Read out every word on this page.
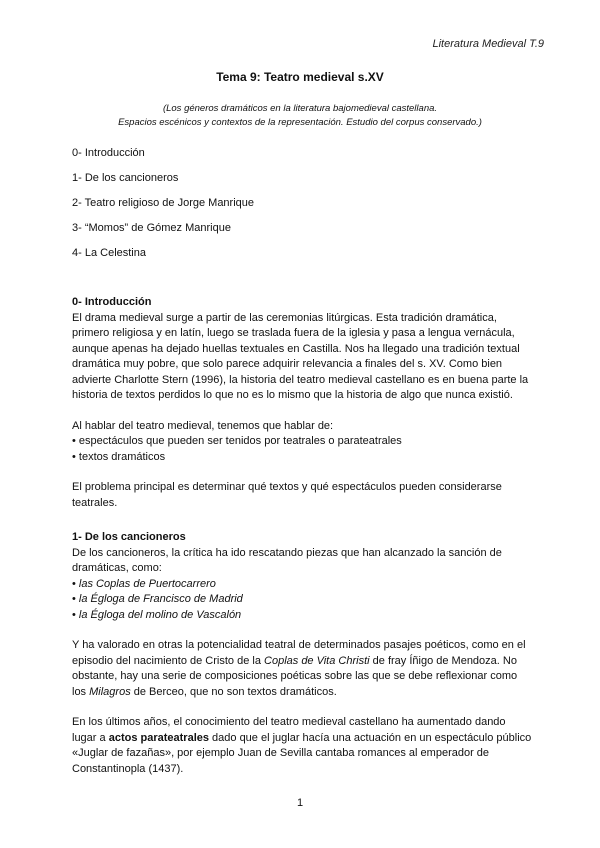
Literatura Medieval T.9
Tema 9: Teatro medieval s.XV
(Los géneros dramáticos en la literatura bajomedieval castellana.
Espacios escénicos y contextos de la representación. Estudio del corpus conservado.)
0- Introducción
1- De los cancioneros
2- Teatro religioso de Jorge Manrique
3- “Momos” de Gómez Manrique
4- La Celestina
0- Introducción

El drama medieval surge a partir de las ceremonias litúrgicas. Esta tradición dramática, primero religiosa y en latín, luego se traslada fuera de la iglesia y pasa a lengua vernácula, aunque apenas ha dejado huellas textuales en Castilla. Nos ha llegado una tradición textual dramática muy pobre, que solo parece adquirir relevancia a finales del s. XV. Como bien advierte Charlotte Stern (1996), la historia del teatro medieval castellano es en buena parte la historia de textos perdidos lo que no es lo mismo que la historia de algo que nunca existió.

Al hablar del teatro medieval, tenemos que hablar de:

• espectáculos que pueden ser tenidos por teatrales o parateatrales
• textos dramáticos

El problema principal es determinar qué textos y qué espectáculos pueden considerarse teatrales.

1- De los cancioneros

De los cancioneros, la crítica ha ido rescatando piezas que han alcanzado la sanción de dramáticas, como:

• las Coplas de Puertocarrero
• la Égloga de Francisco de Madrid
• la Égloga del molino de Vascalón

Y ha valorado en otras la potencialidad teatral de determinados pasajes poéticos, como en el episodio del nacimiento de Cristo de la Coplas de Vita Christi de fray Íñigo de Mendoza. No obstante, hay una serie de composiciones poéticas sobre las que se debe reflexionar como los Milagros de Berceo, que no son textos dramáticos.

En los últimos años, el conocimiento del teatro medieval castellano ha aumentado dando lugar a actos parateatrales dado que el juglar hacía una actuación en un espectáculo público «Juglar de fazañas», por ejemplo Juan de Sevilla cantaba romances al emperador de Constantinopla (1437).

1
